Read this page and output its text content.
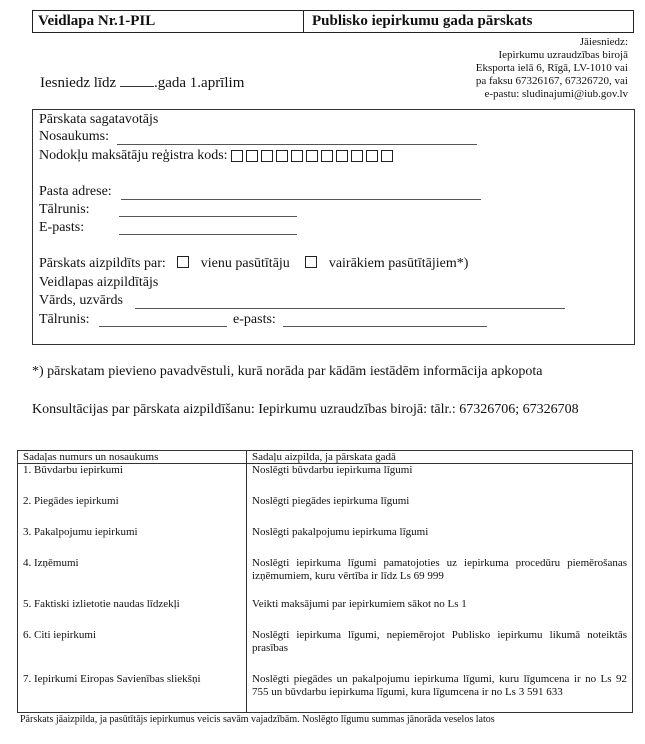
Veidlapa Nr.1-PIL	Publisko iepirkumu gada pārskats
Jāiesniedz:
Iepirkumu uzraudzības birojā
Eksporta ielā 6, Rīgā, LV-1010 vai
pa faksu 67326167, 67326720, vai
e-pastu: sludinajumi@iub.gov.lv
Iesniedz līdz	.gada 1.aprīlim
Pārskata sagatavotājs
Nosaukums:
Nodokļu maksātāju reģistra kods:
Pasta adrese:
Tālrunis:
E-pasts:
Pārskats aizpildīts par:	vienu pasūtītāju	vairākiem pasūtītājiem*)
Veidlapas aizpildītājs
Vārds, uzvārds
Tālrunis:	e-pasts:
*) pārskatam pievieno pavadvēstuli, kurā norāda par kādām iestādēm informācija apkopota
Konsultācijas par pārskata aizpildīšanu: Iepirkumu uzraudzības birojā: tālr.: 67326706; 67326708
Sadaļas numurs un nosaukums	Sadaļu aizpilda, ja pārskata gadā
1. Būvdarbu iepirkumi	Noslēgti būvdarbu iepirkuma līgumi
2. Piegādes iepirkumi	Noslēgti piegādes iepirkuma līgumi
3. Pakalpojumu iepirkumi	Noslēgti pakalpojumu iepirkuma līgumi
4. Izņēmumi	Noslēgti iepirkuma līgumi pamatojoties uz iepirkuma procedūru piemērošanas izņēmumiem, kuru vērtība ir līdz Ls 69 999
5. Faktiski izlietotie naudas līdzekļi	Veikti maksājumi par iepirkumiem sākot no Ls 1
6. Citi iepirkumi	Noslēgti iepirkuma līgumi, nepiemērojot Publisko iepirkumu likumā noteiktās prasības
7. Iepirkumi Eiropas Savienības sliekšņi	Noslēgti piegādes un pakalpojumu iepirkuma līgumi, kuru līgumcena ir no Ls 92 755 un būvdarbu iepirkuma līgumi, kura līgumcena ir no Ls 3 591 633
Pārskats jāaizpilda, ja pasūtītājs iepirkumus veicis savām vajadzībām. Noslēgto līgumu summas jānorāda veselos latos
